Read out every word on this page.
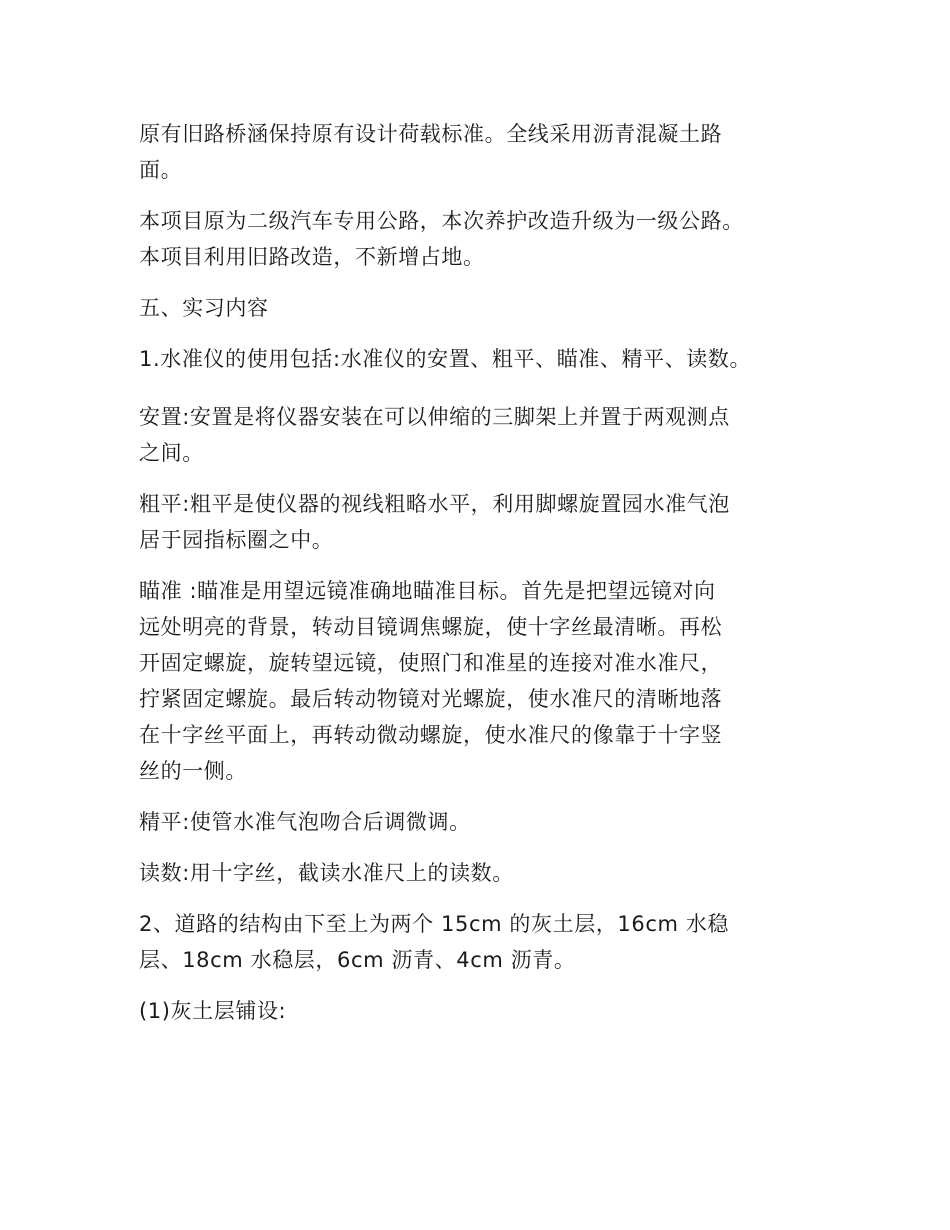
原有旧路桥涵保持原有设计荷载标准。全线采用沥青混凝土路
面。

本项目原为二级汽车专用公路，本次养护改造升级为一级公路。
本项目利用旧路改造，不新增占地。

五、实习内容

1.水准仪的使用包括:水准仪的安置、粗平、瞄准、精平、读数。

安置:安置是将仪器安装在可以伸缩的三脚架上并置于两观测点
之间。

粗平:粗平是使仪器的视线粗略水平，利用脚螺旋置园水准气泡
居于园指标圈之中。

瞄准 :瞄准是用望远镜准确地瞄准目标。首先是把望远镜对向
远处明亮的背景，转动目镜调焦螺旋，使十字丝最清晰。再松
开固定螺旋，旋转望远镜，使照门和准星的连接对准水准尺，
拧紧固定螺旋。最后转动物镜对光螺旋，使水准尺的清晰地落
在十字丝平面上，再转动微动螺旋，使水准尺的像靠于十字竖
丝的一侧。

精平:使管水准气泡吻合后调微调。

读数:用十字丝，截读水准尺上的读数。

2、道路的结构由下至上为两个 15cm 的灰土层，16cm 水稳
层、18cm 水稳层，6cm 沥青、4cm 沥青。

(1)灰土层铺设:
